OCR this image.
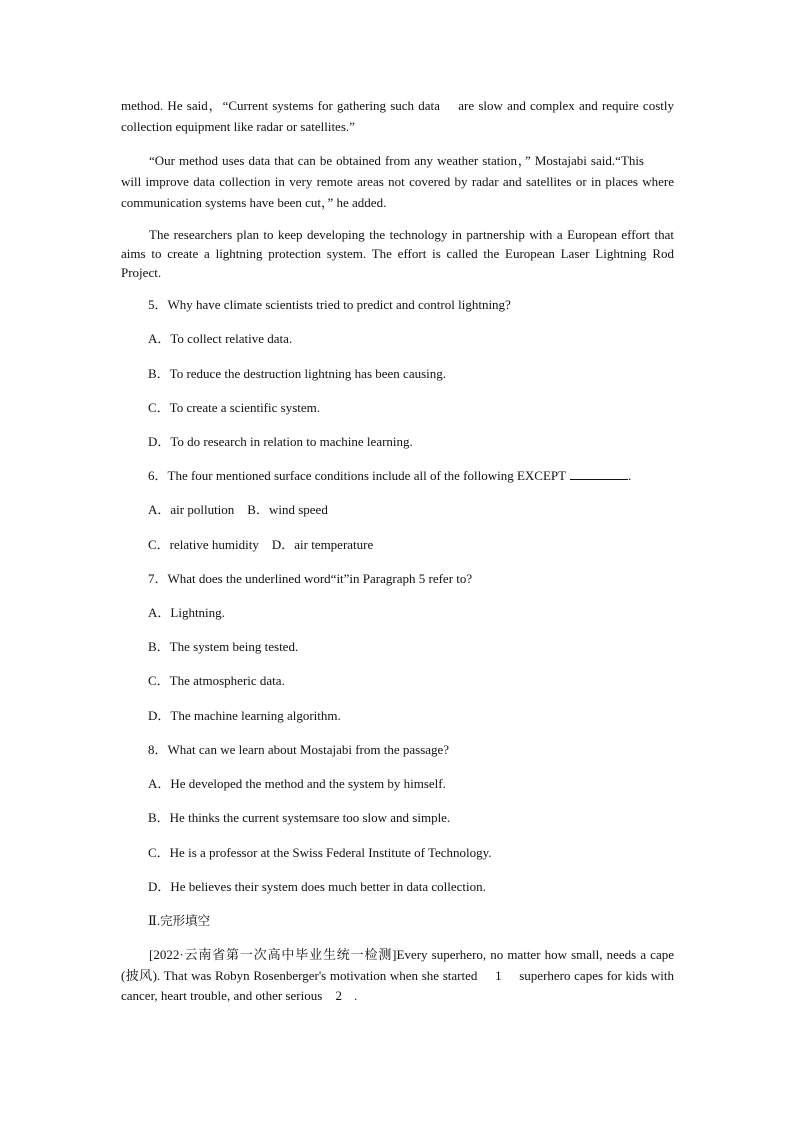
method. He said，“Current systems for gathering such data  are slow and complex and require costly collection equipment like radar or satellites.”

“Our method uses data that can be obtained from any weather station，” Mostajabi said.“This will improve data collection in very remote areas not covered by radar and satellites or in places where communication systems have been cut，” he added.

The researchers plan to keep developing the technology in partnership with a European effort that aims to create a lightning protection system. The effort is called the European Laser Lightning Rod Project.

5．Why have climate scientists tried to predict and control lightning?

A．To collect relative data.

B．To reduce the destruction lightning has been causing.

C．To create a scientific system.

D．To do research in relation to machine learning.

6．The four mentioned surface conditions include all of the following EXCEPT	.

A．air pollution　B．wind speed

C．relative humidity　D．air temperature

7．What does the underlined word“it”in Paragraph 5 refer to?

A．Lightning.

B．The system being tested.

C．The atmospheric data.

D．The machine learning algorithm.

8．What can we learn about Mostajabi from the passage?

A．He developed the method and the system by himself.

B．He thinks the current systemsare too slow and simple.

C．He is a professor at the Swiss Federal Institute of Technology.

D．He believes their system does much better in data collection.

Ⅱ.完形填空

[2022·云南省第一次高中毕业生统一检测]Every superhero, no matter how small, needs a cape (披风). That was Robyn Rosenberger's motivation when she started 1 superhero capes for kids with cancer, heart trouble, and other serious 2 .
